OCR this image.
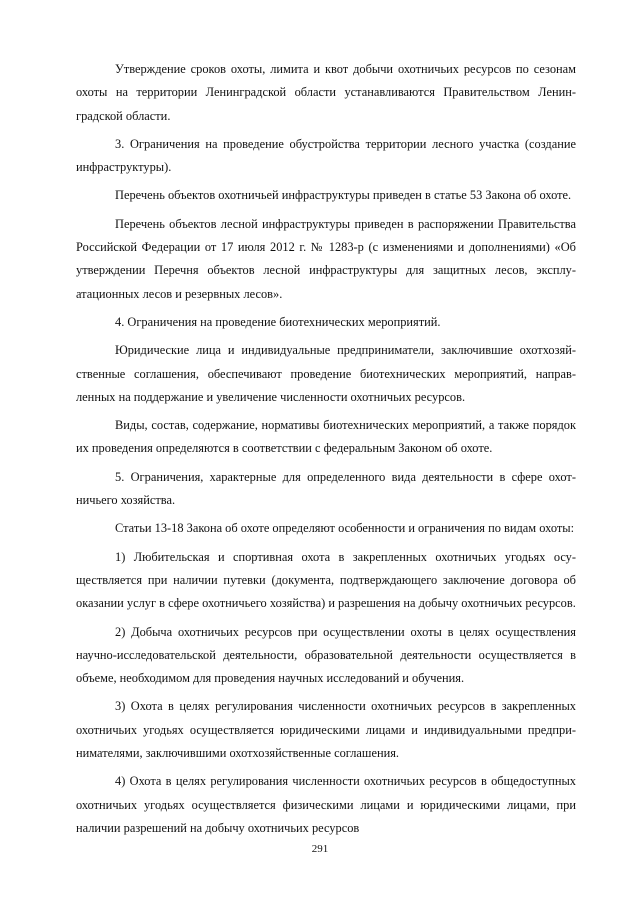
Утверждение сроков охоты, лимита и квот добычи охотничьих ресурсов по сезонам охоты на территории Ленинградской области устанавливаются Правительством Ленинградской области.

3. Ограничения на проведение обустройства территории лесного участка (создание инфраструктуры).

Перечень объектов охотничьей инфраструктуры приведен в статье 53 Закона об охоте.

Перечень объектов лесной инфраструктуры приведен в распоряжении Правительства Российской Федерации от 17 июля 2012 г. № 1283-р (с изменениями и дополнениями) «Об утверждении Перечня объектов лесной инфраструктуры для защитных лесов, эксплуатационных лесов и резервных лесов».

4. Ограничения на проведение биотехнических мероприятий.

Юридические лица и индивидуальные предприниматели, заключившие охотхозяйственные соглашения, обеспечивают проведение биотехнических мероприятий, направленных на поддержание и увеличение численности охотничьих ресурсов.

Виды, состав, содержание, нормативы биотехнических мероприятий, а также порядок их проведения определяются в соответствии с федеральным Законом об охоте.

5. Ограничения, характерные для определенного вида деятельности в сфере охотничьего хозяйства.

Статьи 13-18 Закона об охоте определяют особенности и ограничения по видам охоты:

1) Любительская и спортивная охота в закрепленных охотничьих угодьях осуществляется при наличии путевки (документа, подтверждающего заключение договора об оказании услуг в сфере охотничьего хозяйства) и разрешения на добычу охотничьих ресурсов.

2) Добыча охотничьих ресурсов при осуществлении охоты в целях осуществления научно-исследовательской деятельности, образовательной деятельности осуществляется в объеме, необходимом для проведения научных исследований и обучения.

3) Охота в целях регулирования численности охотничьих ресурсов в закрепленных охотничьих угодьях осуществляется юридическими лицами и индивидуальными предпринимателями, заключившими охотхозяйственные соглашения.

4) Охота в целях регулирования численности охотничьих ресурсов в общедоступных охотничьих угодьях осуществляется физическими лицами и юридическими лицами, при наличии разрешений на добычу охотничьих ресурсов

291
